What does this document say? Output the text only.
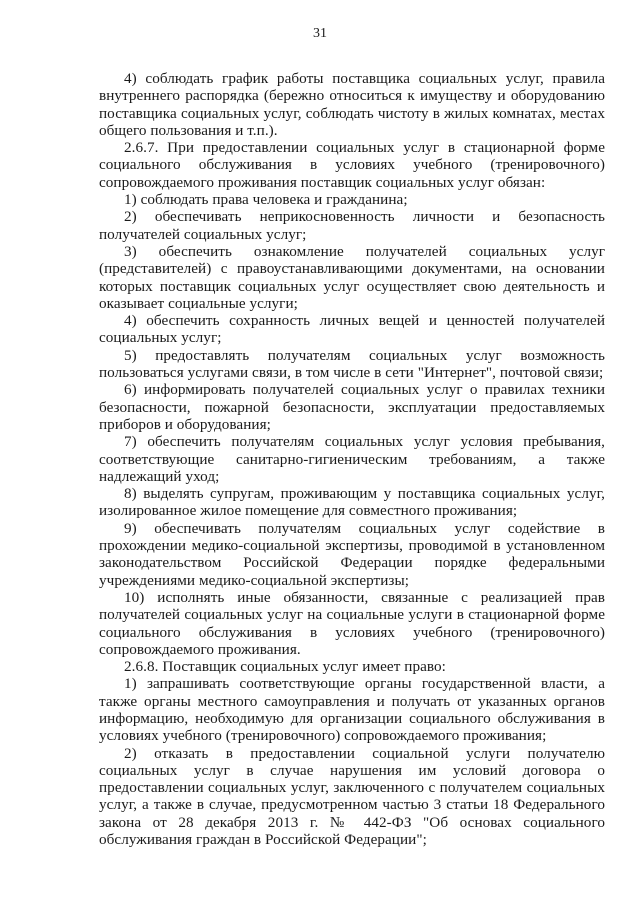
31

4) соблюдать график работы поставщика социальных услуг, правила внутреннего распорядка (бережно относиться к имуществу и оборудованию поставщика социальных услуг, соблюдать чистоту в жилых комнатах, местах общего пользования и т.п.).

2.6.7. При предоставлении социальных услуг в стационарной форме социального обслуживания в условиях учебного (тренировочного) сопровождаемого проживания поставщик социальных услуг обязан:

1) соблюдать права человека и гражданина;

2) обеспечивать неприкосновенность личности и безопасность получателей социальных услуг;

3) обеспечить ознакомление получателей социальных услуг (представителей) с правоустанавливающими документами, на основании которых поставщик социальных услуг осуществляет свою деятельность и оказывает социальные услуги;

4) обеспечить сохранность личных вещей и ценностей получателей социальных услуг;

5) предоставлять получателям социальных услуг возможность пользоваться услугами связи, в том числе в сети "Интернет", почтовой связи;

6) информировать получателей социальных услуг о правилах техники безопасности, пожарной безопасности, эксплуатации предоставляемых приборов и оборудования;

7) обеспечить получателям социальных услуг условия пребывания, соответствующие санитарно-гигиеническим требованиям, а также надлежащий уход;

8) выделять супругам, проживающим у поставщика социальных услуг, изолированное жилое помещение для совместного проживания;

9) обеспечивать получателям социальных услуг содействие в прохождении медико-социальной экспертизы, проводимой в установленном законодательством Российской Федерации порядке федеральными учреждениями медико-социальной экспертизы;

10) исполнять иные обязанности, связанные с реализацией прав получателей социальных услуг на социальные услуги в стационарной форме социального обслуживания в условиях учебного (тренировочного) сопровождаемого проживания.

2.6.8. Поставщик социальных услуг имеет право:

1) запрашивать соответствующие органы государственной власти, а также органы местного самоуправления и получать от указанных органов информацию, необходимую для организации социального обслуживания в условиях учебного (тренировочного) сопровождаемого проживания;

2) отказать в предоставлении социальной услуги получателю социальных услуг в случае нарушения им условий договора о предоставлении социальных услуг, заключенного с получателем социальных услуг, а также в случае, предусмотренном частью 3 статьи 18 Федерального закона от 28 декабря 2013 г. № 442-ФЗ "Об основах социального обслуживания граждан в Российской Федерации";
